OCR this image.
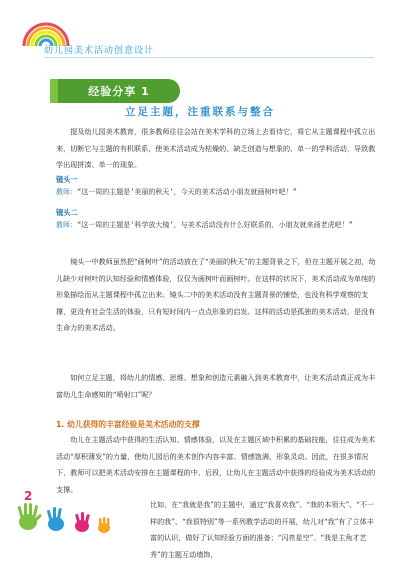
幼儿园美术活动创意设计
经验分享 1
立足主题，注重联系与整合

提及幼儿园美术教育，很多教师往往会站在美术学科的立场上去看待它，将它从主题课程中孤立出来，切断它与主题的有机联系，使美术活动成为枯燥的、缺乏创造与想象的、单一的学科活动，导致教学出现拼凑、单一的现象。

镜头一
教师：“这一周的主题是‘美丽的秋天’，今天的美术活动小朋友就画树叶吧！”
镜头二
教师：“这一周的主题是‘科学放大镜’，与美术活动没有什么好联系的，小朋友就来画老虎吧！”

镜头一中教师虽然把“画树叶”的活动放在了“美丽的秋天”的主题背景之下，但在主题开展之初，幼儿缺少对树叶的认知经验和情感体验，仅仅为画树叶而画树叶。在这样的状况下，美术活动成为单纯的形象描绘而从主题课程中孤立出来。镜头二中的美术活动没有主题背景的铺垫，也没有科学观察的支撑，更没有社会生活的体验，只有短时间内一点点形象的启发。这样的活动是孤独的美术活动，是没有生命力的美术活动。

如何立足主题，将幼儿的情感、思维、想象和创造元素融入到美术教育中，让美术活动真正成为丰富幼儿生命感知的“喷射口”呢？

1. 幼儿获得的丰富经验是美术活动的支撑

幼儿在主题活动中获得的生活认知、情感体验，以及在主题区域中积累的基础技能，往往成为美术活动“厚积薄发”的力量，使幼儿园后的美术创作内容丰富、情感饱满、形象灵动。因此，在很多情况下，教师可以把美术活动安排在主题课程的中、后段，让幼儿在主题活动中获得的经验成为美术活动的支撑。

比如，在“我就是我”的主题中，通过“我喜欢我”、“我的本领大”、“不一样的我”、“我很特别”等一系列教学活动的开展，幼儿对“我”有了立体丰富的认识，做好了认知经验方面的准备；“闪亮星空”、“我是主角才艺秀”的主题互动墙饰，

2
